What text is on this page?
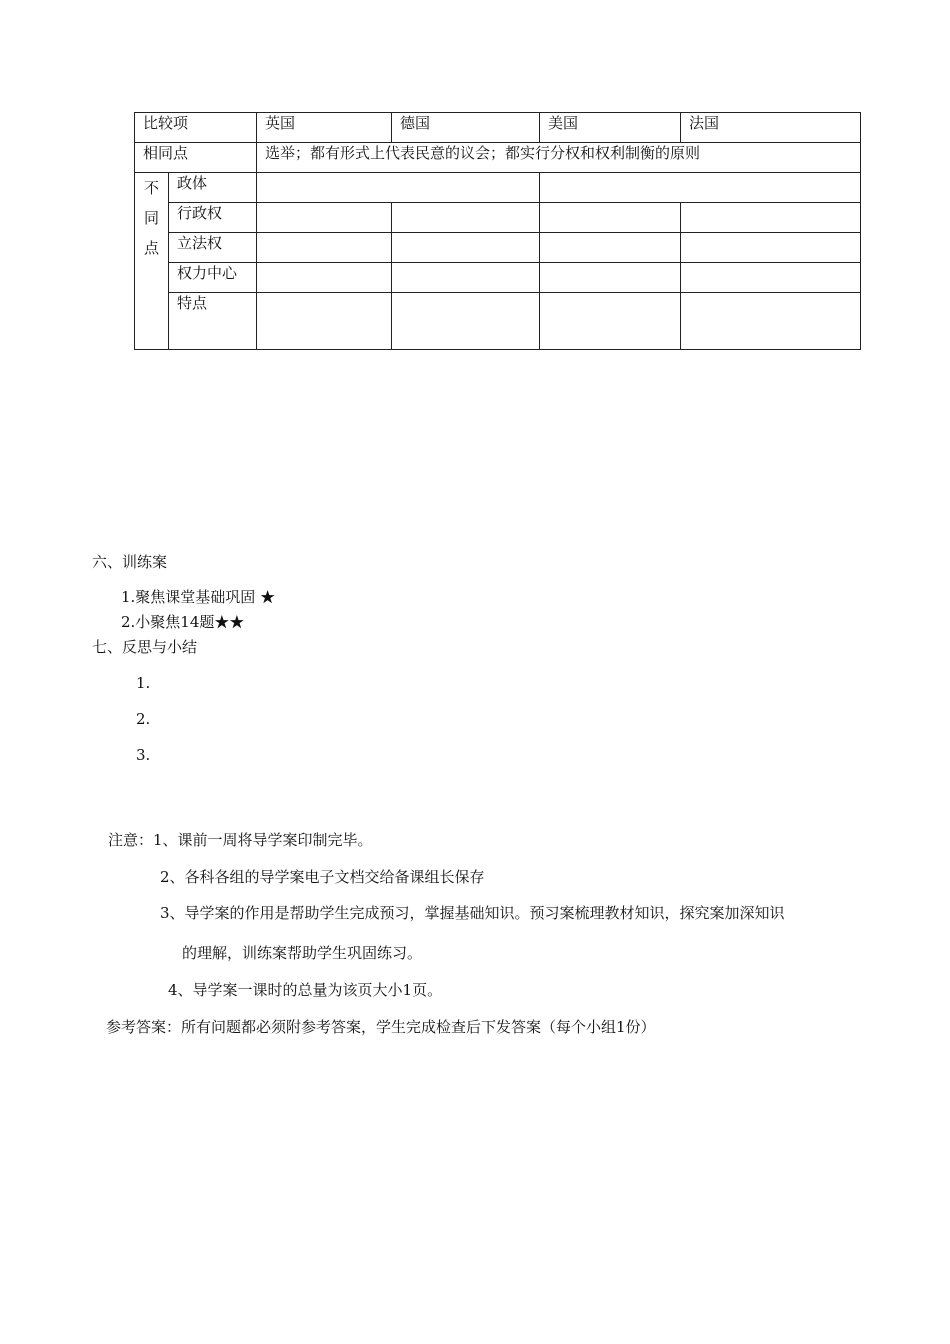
比较项		英国	德国	美国	法国
相同点		选举；都有形式上代表民意的议会；都实行分权和权利制衡的原则			

不
同
点	政体				
	行政权				
	立法权				
	权力中心				
	特点				
六、训练案
1.聚焦课堂基础巩固 ★
2.小聚焦14题★★
七、反思与小结
1.
2.
3.
注意：1、课前一周将导学案印制完毕。
2、各科各组的导学案电子文档交给备课组长保存
3、导学案的作用是帮助学生完成预习，掌握基础知识。预习案梳理教材知识，探究案加深知识
的理解，训练案帮助学生巩固练习。
4、导学案一课时的总量为该页大小1页。
参考答案：所有问题都必须附参考答案，学生完成检查后下发答案（每个小组1份）
